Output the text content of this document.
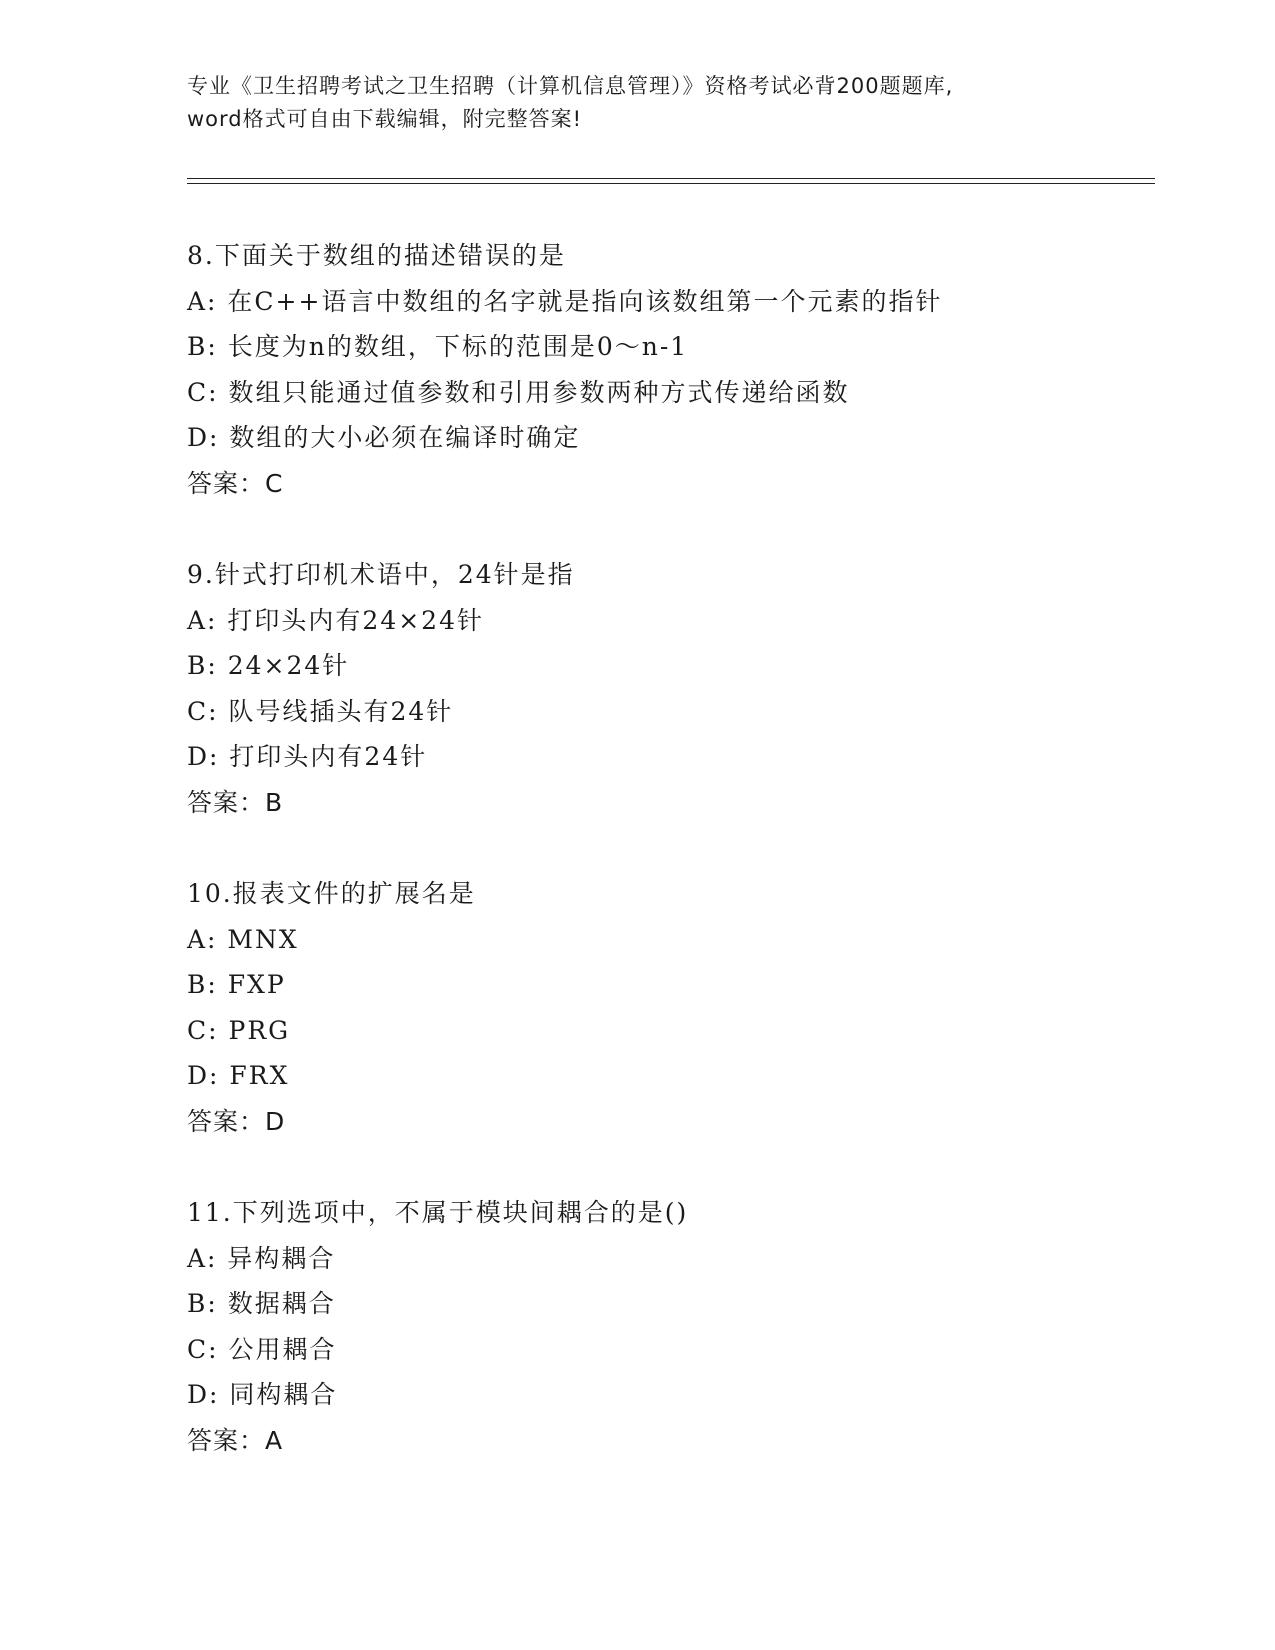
专业《卫生招聘考试之卫生招聘（计算机信息管理）》资格考试必背200题题库,
word格式可自由下载编辑，附完整答案!
8.下面关于数组的描述错误的是
A: 在C++语言中数组的名字就是指向该数组第一个元素的指针
B: 长度为n的数组，下标的范围是0～n-1
C: 数组只能通过值参数和引用参数两种方式传递给函数
D: 数组的大小必须在编译时确定
答案：C
9.针式打印机术语中，24针是指
A: 打印头内有24×24针
B: 24×24针
C: 队号线插头有24针
D: 打印头内有24针
答案：B
10.报表文件的扩展名是
A: MNX
B: FXP
C: PRG
D: FRX
答案：D
11.下列选项中，不属于模块间耦合的是()
A: 异构耦合
B: 数据耦合
C: 公用耦合
D: 同构耦合
答案：A
